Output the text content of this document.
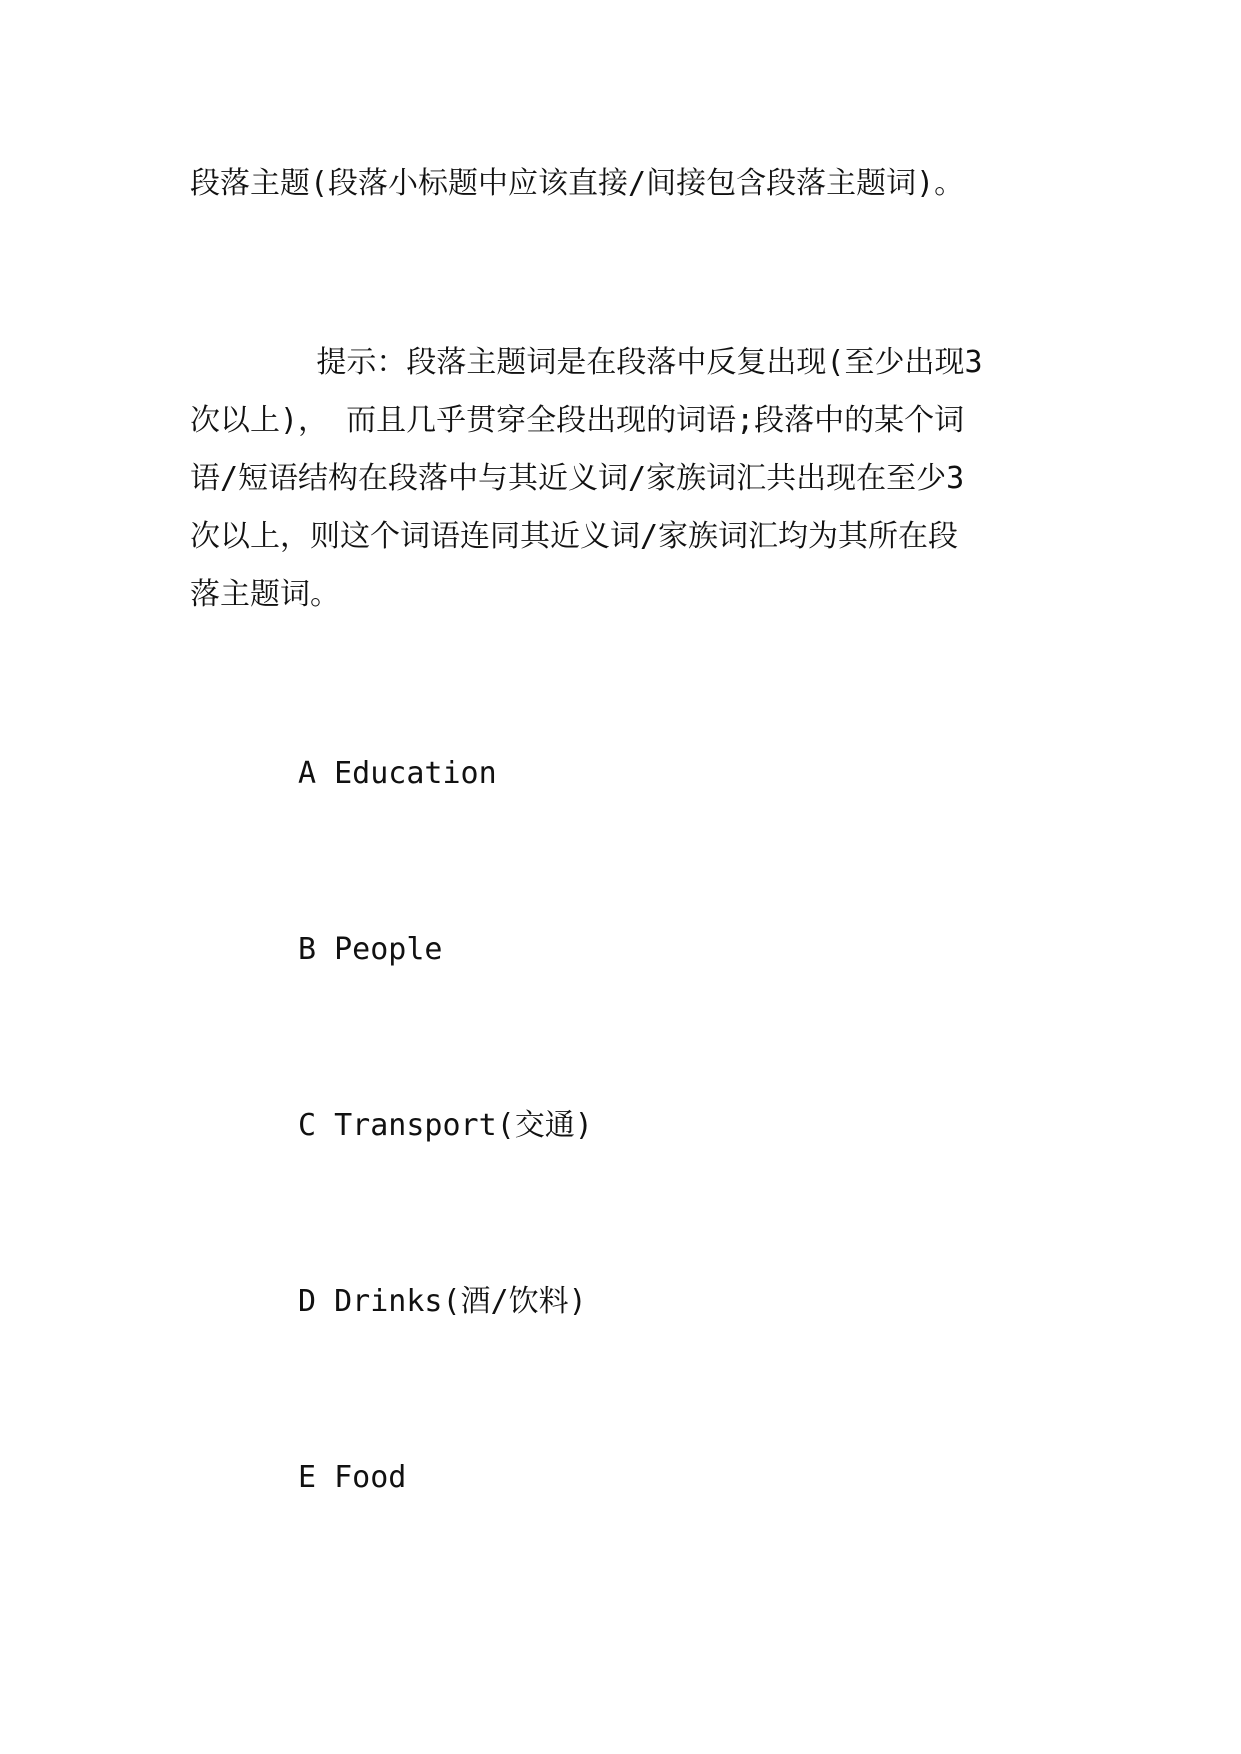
段落主题(段落小标题中应该直接/间接包含段落主题词)。
提示：段落主题词是在段落中反复出现(至少出现3
次以上)， 而且几乎贯穿全段出现的词语;段落中的某个词
语/短语结构在段落中与其近义词/家族词汇共出现在至少3
次以上，则这个词语连同其近义词/家族词汇均为其所在段
落主题词。
A Education
B People
C Transport(交通)
D Drinks(酒/饮料)
E Food
